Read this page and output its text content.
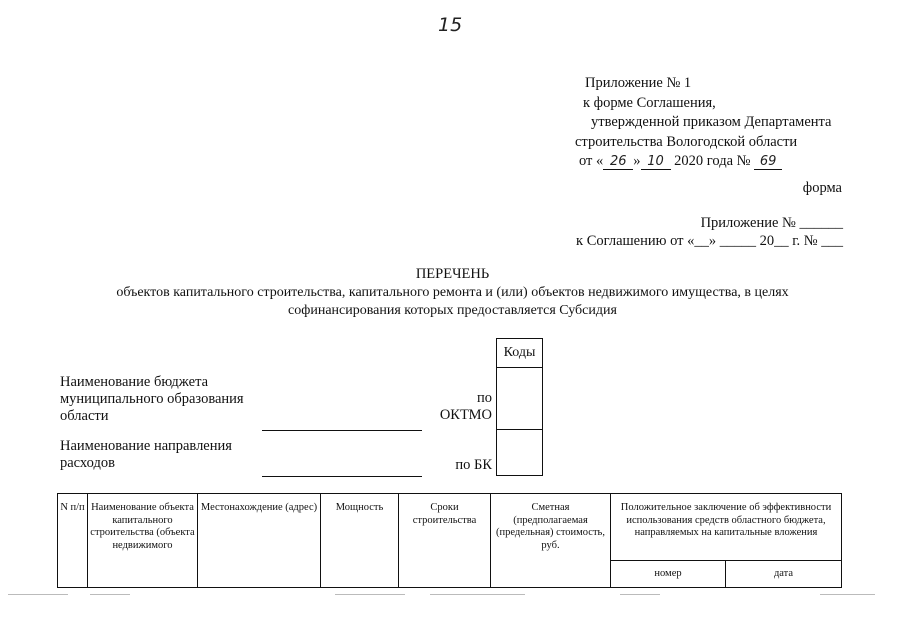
15
Приложение № 1
к форме Соглашения,
утвержденной приказом Департамента
строительства Вологодской области
от « 26 » 10 2020 года № 69
форма
Приложение № ______
к Соглашению от «__» _____ 20__ г. № ___
ПЕРЕЧЕНЬ
объектов капитального строительства, капитального ремонта и (или) объектов недвижимого имущества, в целях софинансирования которых предоставляется Субсидия
Коды
Наименование бюджета
муниципального образования
области
по
ОКТМО
Наименование направления
расходов	по БК
N п/п	Наименование объекта капитального строительства (объекта недвижимого	Местонахождение (адрес)	Мощность	Сроки строительства	Сметная (предполагаемая (предельная) стоимость, руб.	Положительное заключение об эффективности использования средств областного бюджета, направляемых на капитальные вложения	

						номер	дата
